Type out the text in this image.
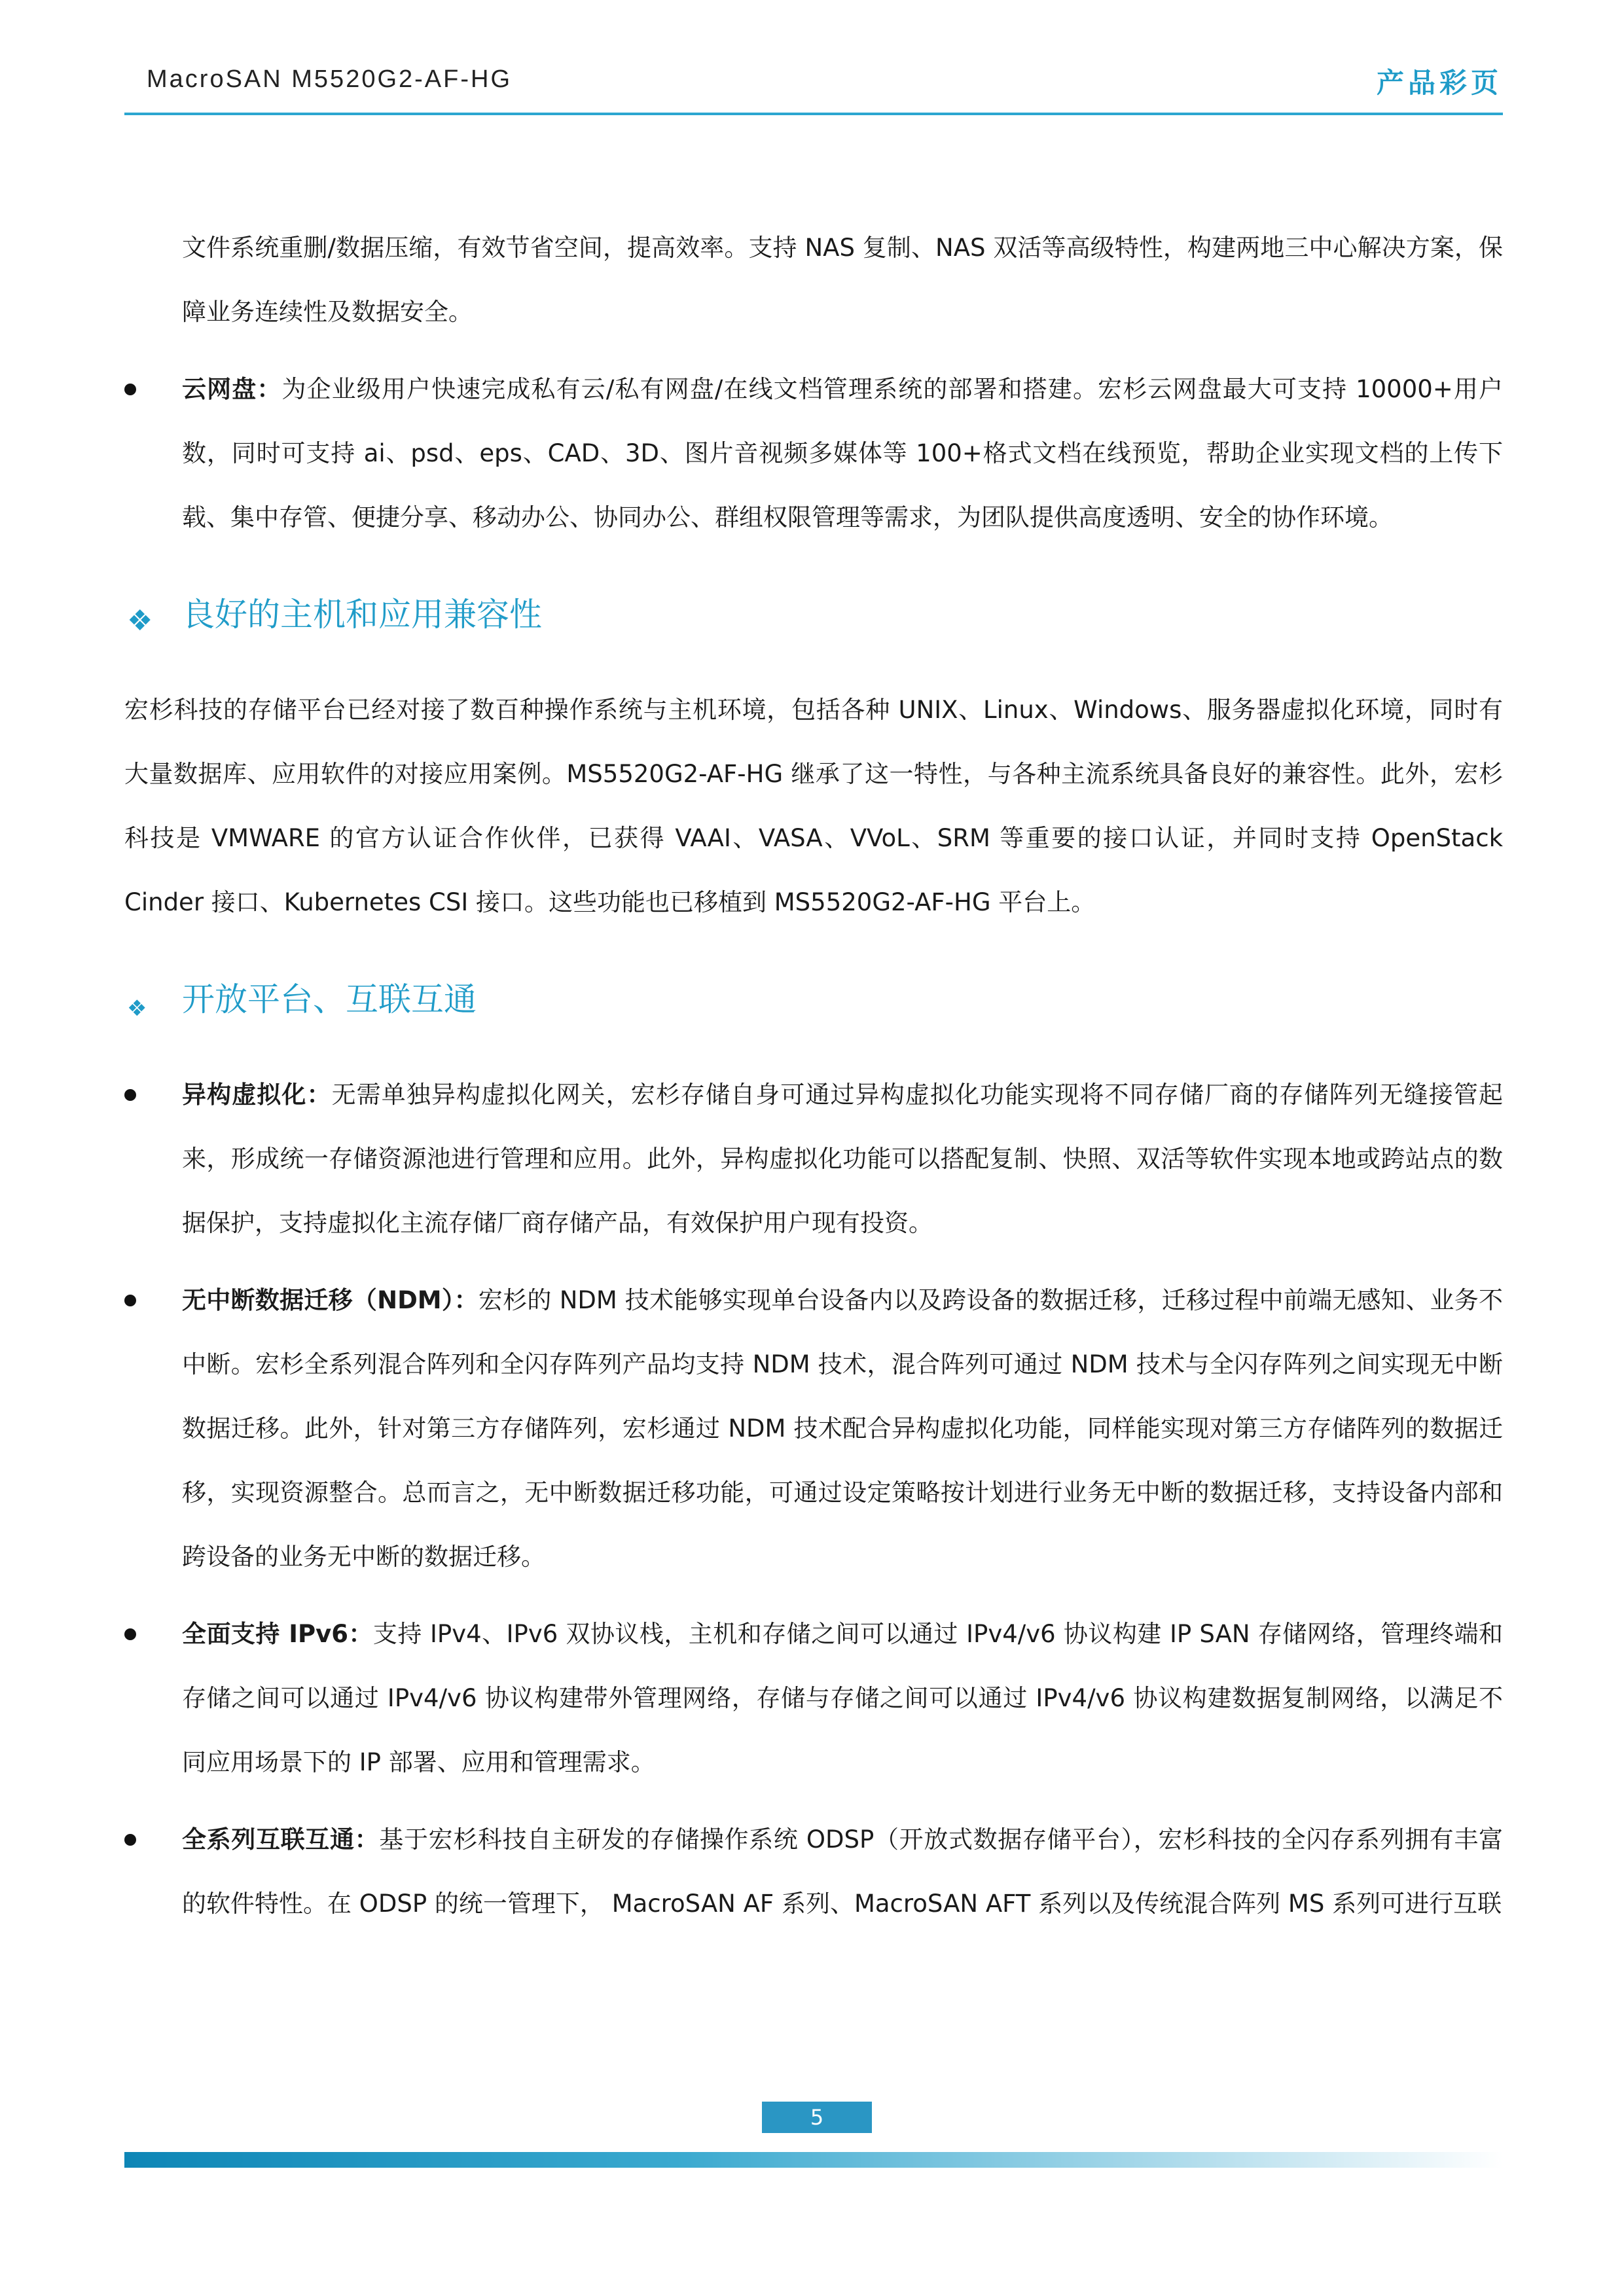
MacroSAN M5520G2-AF-HG	产品彩页

文件系统重删/数据压缩，有效节省空间，提高效率。支持 NAS 复制、NAS 双活等高级特性，构建两地三中心解决方案，保障业务连续性及数据安全。

云网盘：为企业级用户快速完成私有云/私有网盘/在线文档管理系统的部署和搭建。宏杉云网盘最大可支持 10000+用户数，同时可支持 ai、psd、eps、CAD、3D、图片音视频多媒体等 100+格式文档在线预览，帮助企业实现文档的上传下载、集中存管、便捷分享、移动办公、协同办公、群组权限管理等需求，为团队提供高度透明、安全的协作环境。
❖ 良好的主机和应用兼容性

宏杉科技的存储平台已经对接了数百种操作系统与主机环境，包括各种 UNIX、Linux、Windows、服务器虚拟化环境，同时有大量数据库、应用软件的对接应用案例。MS5520G2-AF-HG 继承了这一特性，与各种主流系统具备良好的兼容性。此外，宏杉科技是 VMWARE 的官方认证合作伙伴，已获得 VAAI、VASA、VVoL、SRM 等重要的接口认证，并同时支持 OpenStack Cinder 接口、Kubernetes CSI 接口。这些功能也已移植到 MS5520G2-AF-HG 平台上。

❖ 开放平台、互联互通
异构虚拟化：无需单独异构虚拟化网关，宏杉存储自身可通过异构虚拟化功能实现将不同存储厂商的存储阵列无缝接管起来，形成统一存储资源池进行管理和应用。此外，异构虚拟化功能可以搭配复制、快照、双活等软件实现本地或跨站点的数据保护，支持虚拟化主流存储厂商存储产品，有效保护用户现有投资。
无中断数据迁移（NDM）：宏杉的 NDM 技术能够实现单台设备内以及跨设备的数据迁移，迁移过程中前端无感知、业务不中断。宏杉全系列混合阵列和全闪存阵列产品均支持 NDM 技术，混合阵列可通过 NDM 技术与全闪存阵列之间实现无中断数据迁移。此外，针对第三方存储阵列，宏杉通过 NDM 技术配合异构虚拟化功能，同样能实现对第三方存储阵列的数据迁移，实现资源整合。总而言之，无中断数据迁移功能，可通过设定策略按计划进行业务无中断的数据迁移，支持设备内部和跨设备的业务无中断的数据迁移。
全面支持 IPv6：支持 IPv4、IPv6 双协议栈，主机和存储之间可以通过 IPv4/v6 协议构建 IP SAN 存储网络，管理终端和存储之间可以通过 IPv4/v6 协议构建带外管理网络，存储与存储之间可以通过 IPv4/v6 协议构建数据复制网络，以满足不同应用场景下的 IP 部署、应用和管理需求。
全系列互联互通：基于宏杉科技自主研发的存储操作系统 ODSP（开放式数据存储平台），宏杉科技的全闪存系列拥有丰富的软件特性。在 ODSP 的统一管理下， MacroSAN AF 系列、MacroSAN AFT 系列以及传统混合阵列 MS 系列可进行互联
5
